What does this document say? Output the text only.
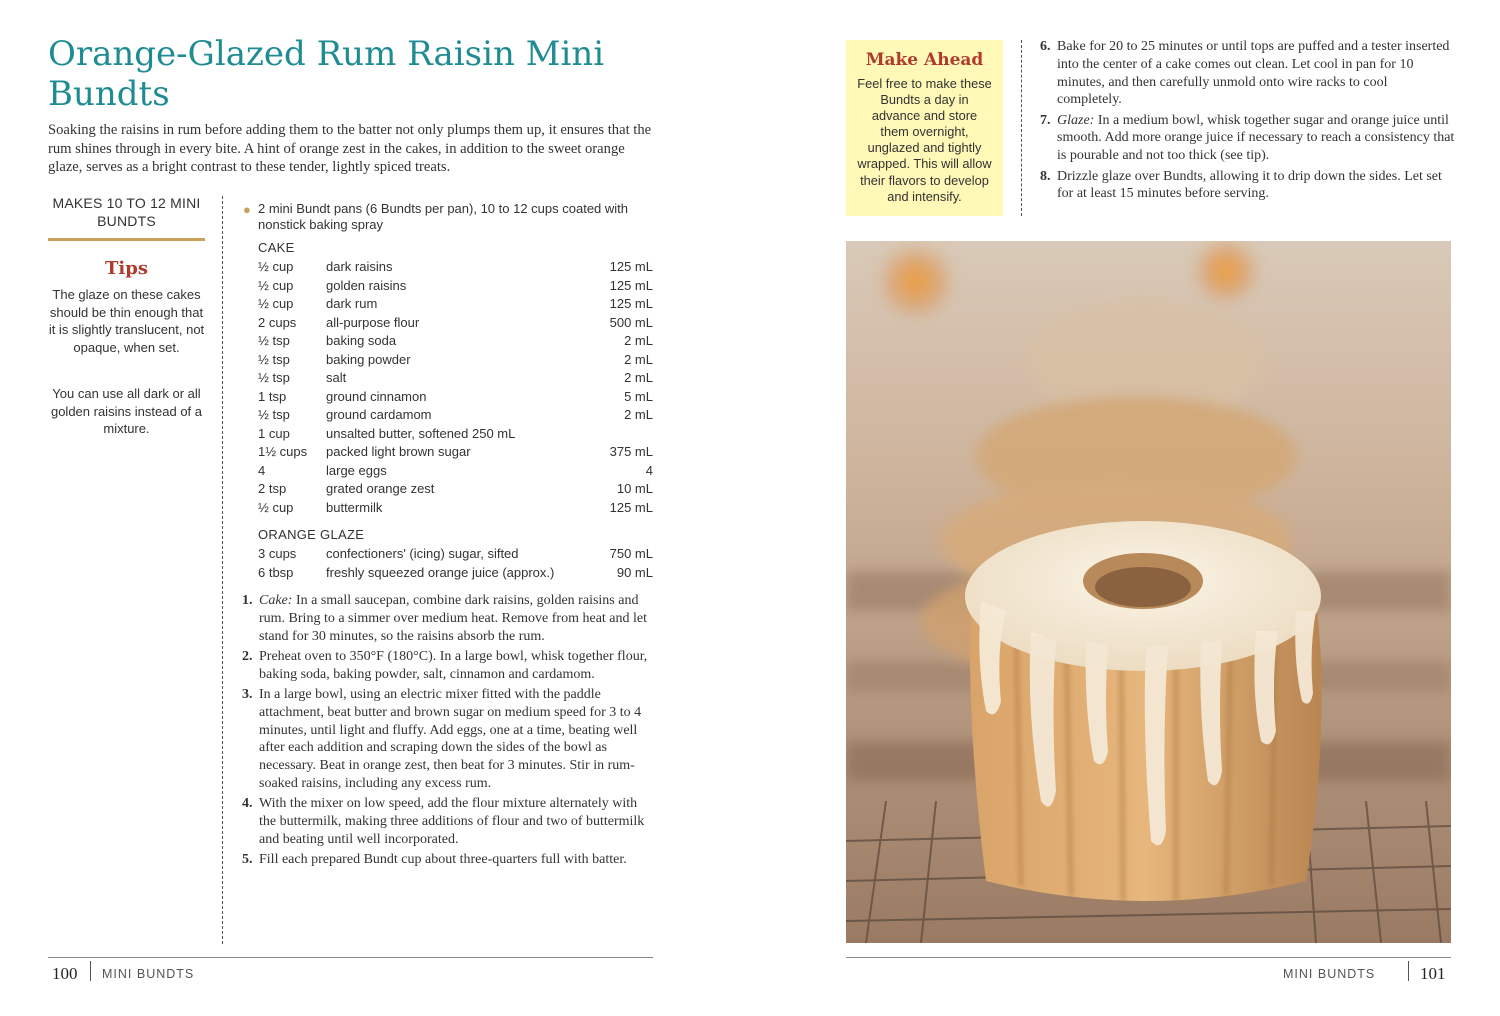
Orange-Glazed Rum Raisin Mini Bundts

Soaking the raisins in rum before adding them to the batter not only plumps them up, it ensures that the rum shines through in every bite. A hint of orange zest in the cakes, in addition to the sweet orange glaze, serves as a bright contrast to these tender, lightly spiced treats.

MAKES 10 TO 12 MINI BUNDTS
Tips

The glaze on these cakes should be thin enough that it is slightly translucent, not opaque, when set.

You can use all dark or all golden raisins instead of a mixture.

● 2 mini Bundt pans (6 Bundts per pan), 10 to 12 cups coated with nonstick baking spray
CAKE
½ cup	dark raisins	125 mL
½ cup	golden raisins	125 mL
½ cup	dark rum	125 mL
2 cups all-purpose flour	500 mL
½ tsp	baking soda	2 mL
½ tsp	baking powder	2 mL
½ tsp	salt	2 mL
1 tsp	ground cinnamon	5 mL
½ tsp	ground cardamom	2 mL
1 cup	unsalted butter, softened 250 mL
1½ cups packed light brown sugar	375 mL
4	large eggs	4
2 tsp	grated orange zest	10 mL
½ cup	buttermilk	125 mL
ORANGE GLAZE
3 cups confectioners' (icing) sugar, sifted	750 mL
6 tbsp	freshly squeezed orange juice (approx.)	90 mL
1. Cake: In a small saucepan, combine dark raisins, golden raisins and rum. Bring to a simmer over medium heat. Remove from heat and let stand for 30 minutes, so the raisins absorb the rum.
2. Preheat oven to 350°F (180°C). In a large bowl, whisk together flour, baking soda, baking powder, salt, cinnamon and cardamom.
3. In a large bowl, using an electric mixer fitted with the paddle attachment, beat butter and brown sugar on medium speed for 3 to 4 minutes, until light and fluffy. Add eggs, one at a time, beating well after each addition and scraping down the sides of the bowl as necessary. Beat in orange zest, then beat for 3 minutes. Stir in rum-soaked raisins, including any excess rum.
4. With the mixer on low speed, add the flour mixture alternately with the buttermilk, making three additions of flour and two of buttermilk and beating until well incorporated.
5. Fill each prepared Bundt cup about three-quarters full with batter.
100 MINI BUNDTS
Make Ahead

Feel free to make these Bundts a day in advance and store them overnight, unglazed and tightly wrapped. This will allow their flavors to develop and intensify.

6. Bake for 20 to 25 minutes or until tops are puffed and a tester inserted into the center of a cake comes out clean. Let cool in pan for 10 minutes, and then carefully unmold onto wire racks to cool completely.
7. Glaze: In a medium bowl, whisk together sugar and orange juice until smooth. Add more orange juice if necessary to reach a consistency that is pourable and not too thick (see tip).
8. Drizzle glaze over Bundts, allowing it to drip down the sides. Let set for at least 15 minutes before serving.
MINI BUNDTS	101
